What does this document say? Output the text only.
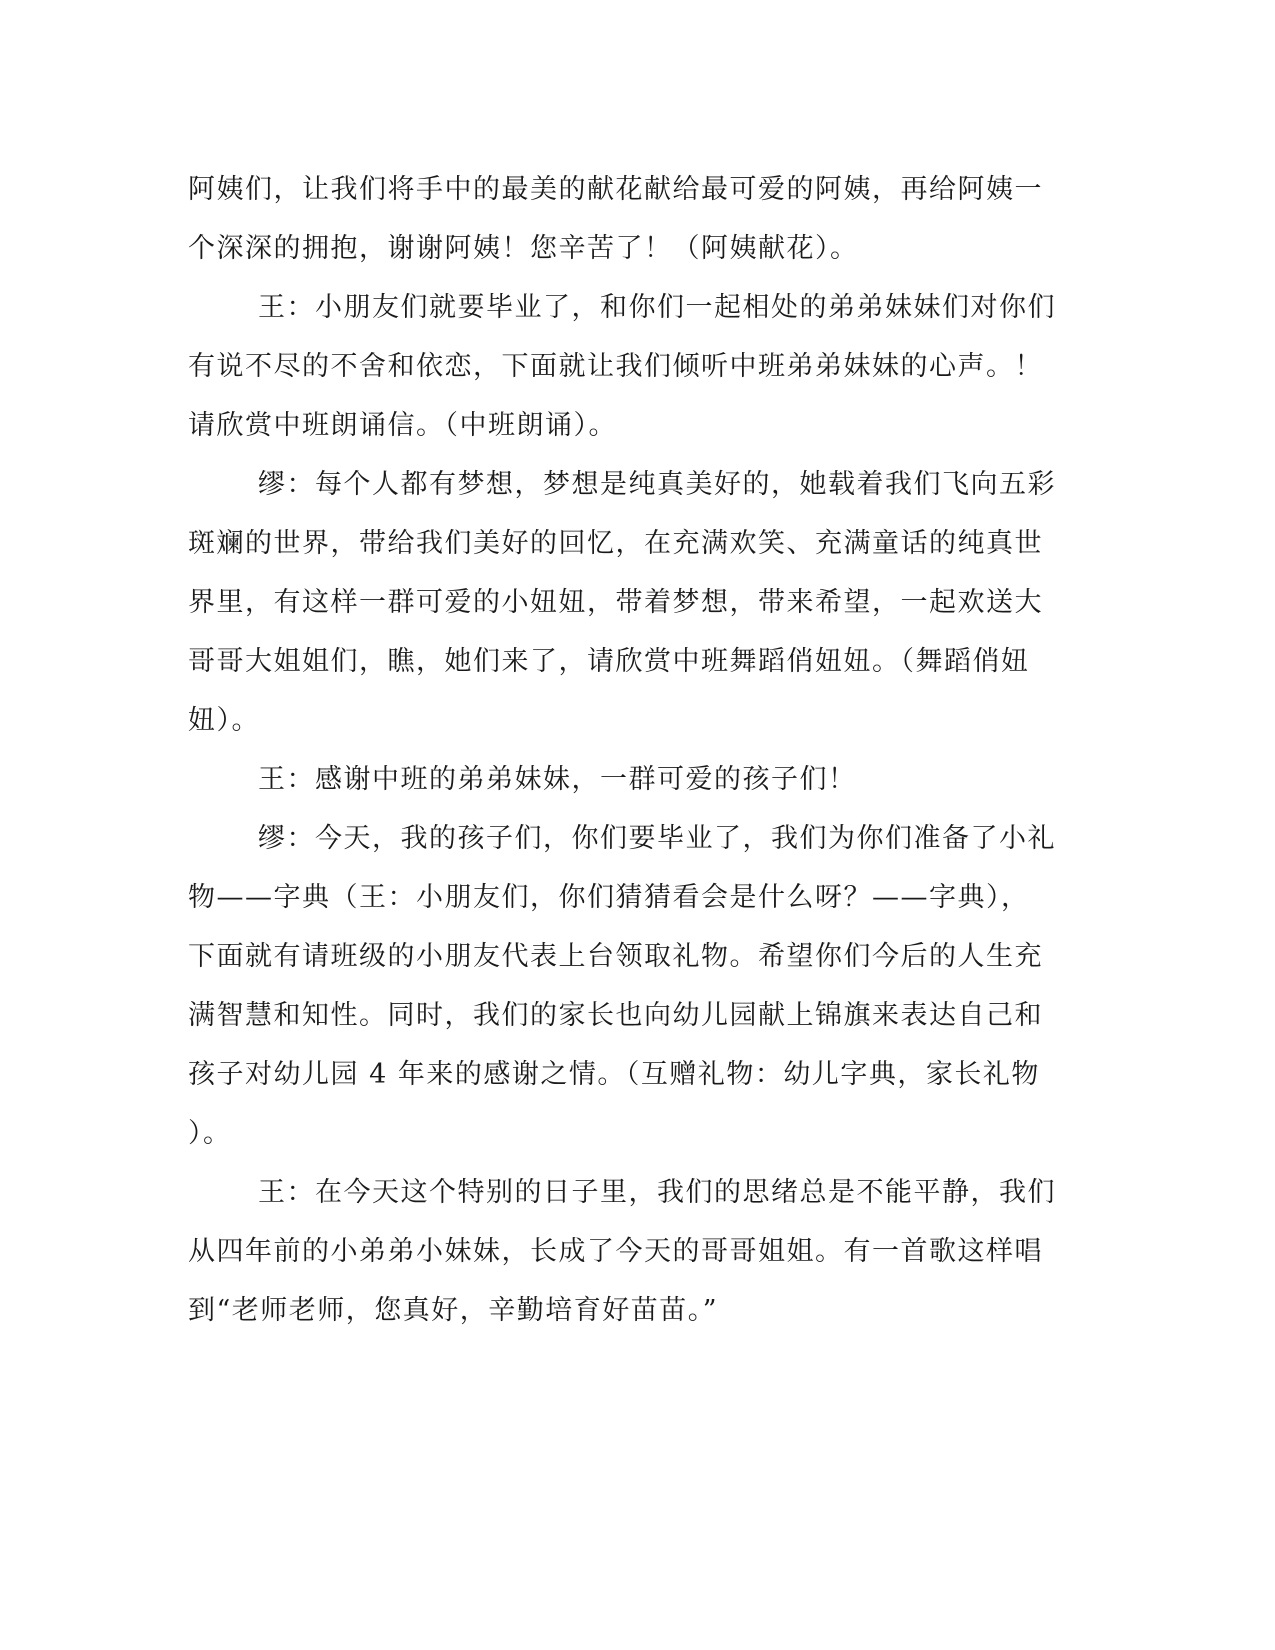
阿姨们，让我们将手中的最美的献花献给最可爱的阿姨，再给阿姨一
个深深的拥抱，谢谢阿姨！您辛苦了！（阿姨献花）。
王：小朋友们就要毕业了，和你们一起相处的弟弟妹妹们对你们
有说不尽的不舍和依恋，下面就让我们倾听中班弟弟妹妹的心声。！
请欣赏中班朗诵信。（中班朗诵）。
缪：每个人都有梦想，梦想是纯真美好的，她载着我们飞向五彩
斑斓的世界，带给我们美好的回忆，在充满欢笑、充满童话的纯真世
界里，有这样一群可爱的小妞妞，带着梦想，带来希望，一起欢送大
哥哥大姐姐们，瞧，她们来了，请欣赏中班舞蹈俏妞妞。（舞蹈俏妞
妞）。
王：感谢中班的弟弟妹妹，一群可爱的孩子们！
缪：今天，我的孩子们，你们要毕业了，我们为你们准备了小礼
物——字典（王：小朋友们，你们猜猜看会是什么呀？——字典），
下面就有请班级的小朋友代表上台领取礼物。希望你们今后的人生充
满智慧和知性。同时，我们的家长也向幼儿园献上锦旗来表达自己和
孩子对幼儿园 4 年来的感谢之情。（互赠礼物：幼儿字典，家长礼物
）。
王：在今天这个特别的日子里，我们的思绪总是不能平静，我们
从四年前的小弟弟小妹妹，长成了今天的哥哥姐姐。有一首歌这样唱
到“老师老师，您真好，辛勤培育好苗苗。”
